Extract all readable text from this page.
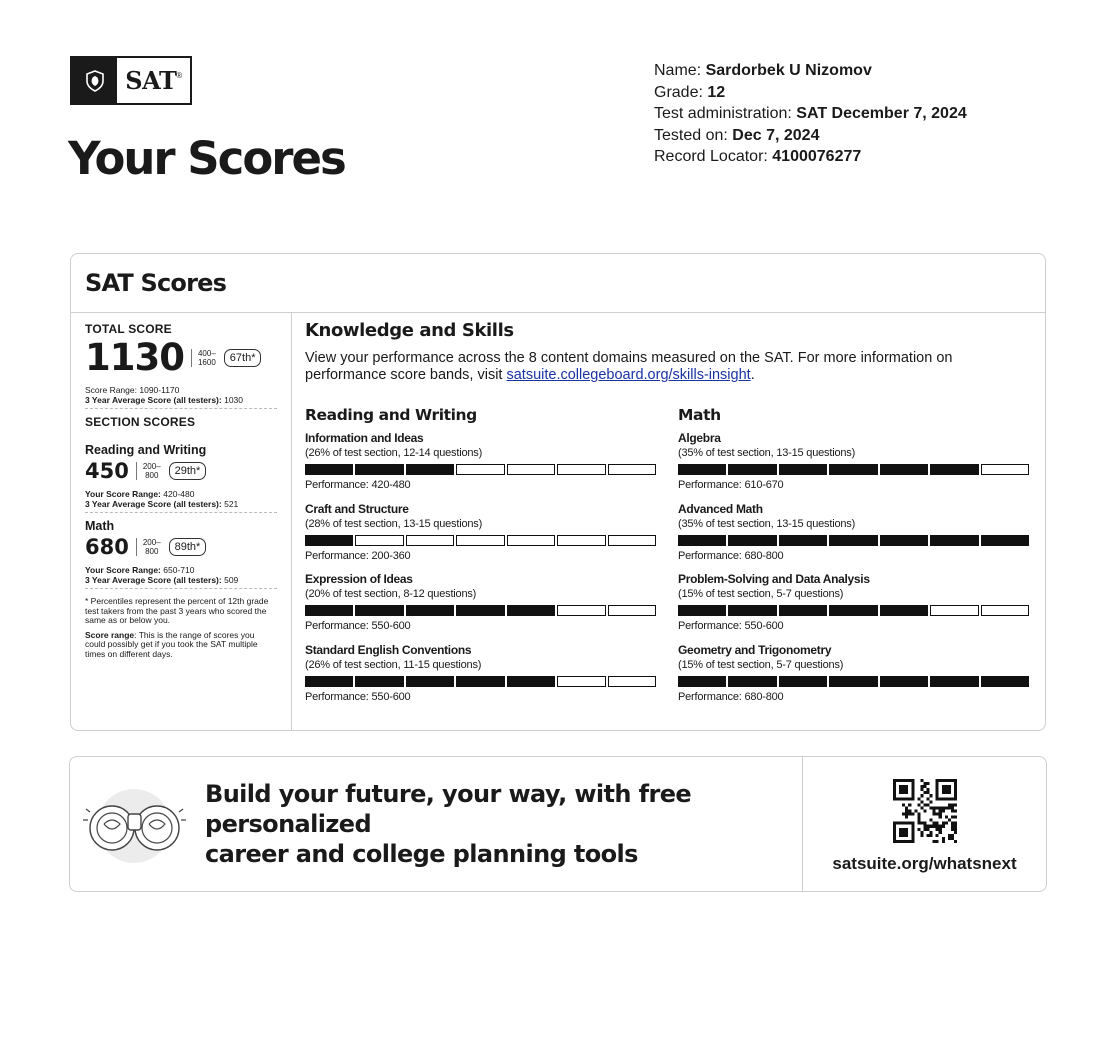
SAT®
Your Scores
Name: Sardorbek U Nizomov
Grade: 12
Test administration: SAT December 7, 2024
Tested on: Dec 7, 2024
Record Locator: 4100076277
SAT Scores
TOTAL SCORE
1130	400–
1600	67th*
Score Range: 1090-1170
3 Year Average Score (all testers): 1030
SECTION SCORES
Reading and Writing
450	200–
800	29th*
Your Score Range: 420-480
3 Year Average Score (all testers): 521
Math
680	200–
800	89th*
Your Score Range: 650-710
3 Year Average Score (all testers): 509

* Percentiles represent the percent of 12th grade test takers from the past 3 years who scored the same as or below you.

Score range: This is the range of scores you could possibly get if you took the SAT multiple times on different days.

Knowledge and Skills
View your performance across the 8 content domains measured on the SAT. For more information on performance score bands, visit satsuite.collegeboard.org/skills-insight.
Reading and Writing
Information and Ideas
(26% of test section, 12-14 questions)
Performance: 420-480
Craft and Structure
(28% of test section, 13-15 questions)
Performance: 200-360
Expression of Ideas
(20% of test section, 8-12 questions)
Performance: 550-600
Standard English Conventions
(26% of test section, 11-15 questions)
Performance: 550-600
Math
Algebra
(35% of test section, 13-15 questions)
Performance: 610-670
Advanced Math
(35% of test section, 13-15 questions)
Performance: 680-800
Problem-Solving and Data Analysis
(15% of test section, 5-7 questions)
Performance: 550-600
Geometry and Trigonometry
(15% of test section, 5-7 questions)
Performance: 680-800
Build your future, your way, with free personalized
career and college planning tools	satsuite.org/whatsnext
